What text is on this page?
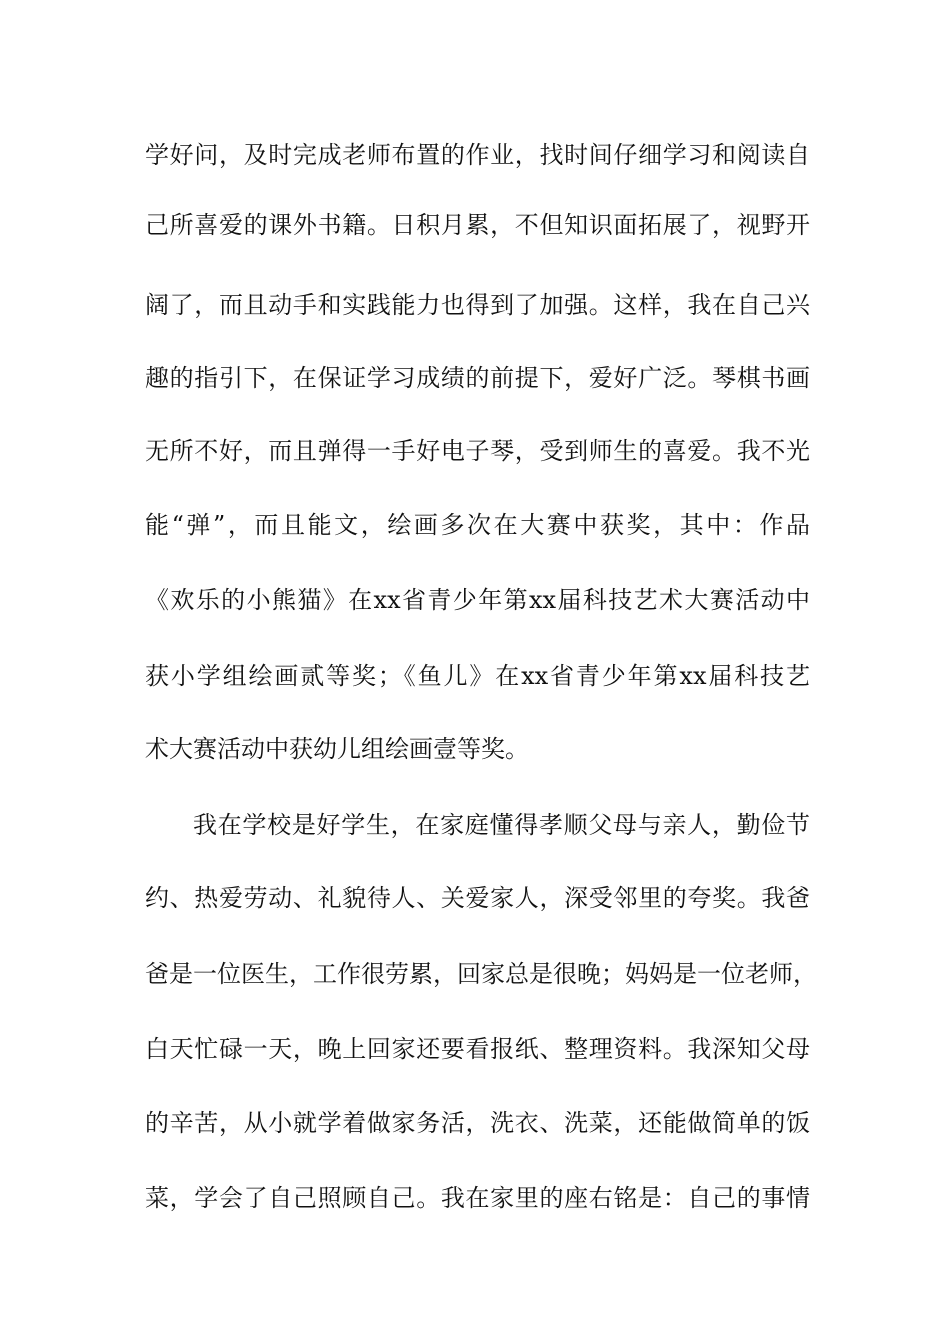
学好问，及时完成老师布置的作业，找时间仔细学习和阅读自
己所喜爱的课外书籍。日积月累，不但知识面拓展了，视野开
阔了，而且动手和实践能力也得到了加强。这样，我在自己兴
趣的指引下，在保证学习成绩的前提下，爱好广泛。琴棋书画
无所不好，而且弹得一手好电子琴，受到师生的喜爱。我不光
能“弹”，而且能文，绘画多次在大赛中获奖，其中：作品
《欢乐的小熊猫》在xx省青少年第xx届科技艺术大赛活动中
获小学组绘画贰等奖；《鱼儿》在xx省青少年第xx届科技艺
术大赛活动中获幼儿组绘画壹等奖。
我在学校是好学生，在家庭懂得孝顺父母与亲人，勤俭节
约、热爱劳动、礼貌待人、关爱家人，深受邻里的夸奖。我爸
爸是一位医生，工作很劳累，回家总是很晚；妈妈是一位老师，
白天忙碌一天，晚上回家还要看报纸、整理资料。我深知父母
的辛苦，从小就学着做家务活，洗衣、洗菜，还能做简单的饭
菜，学会了自己照顾自己。我在家里的座右铭是：自己的事情
